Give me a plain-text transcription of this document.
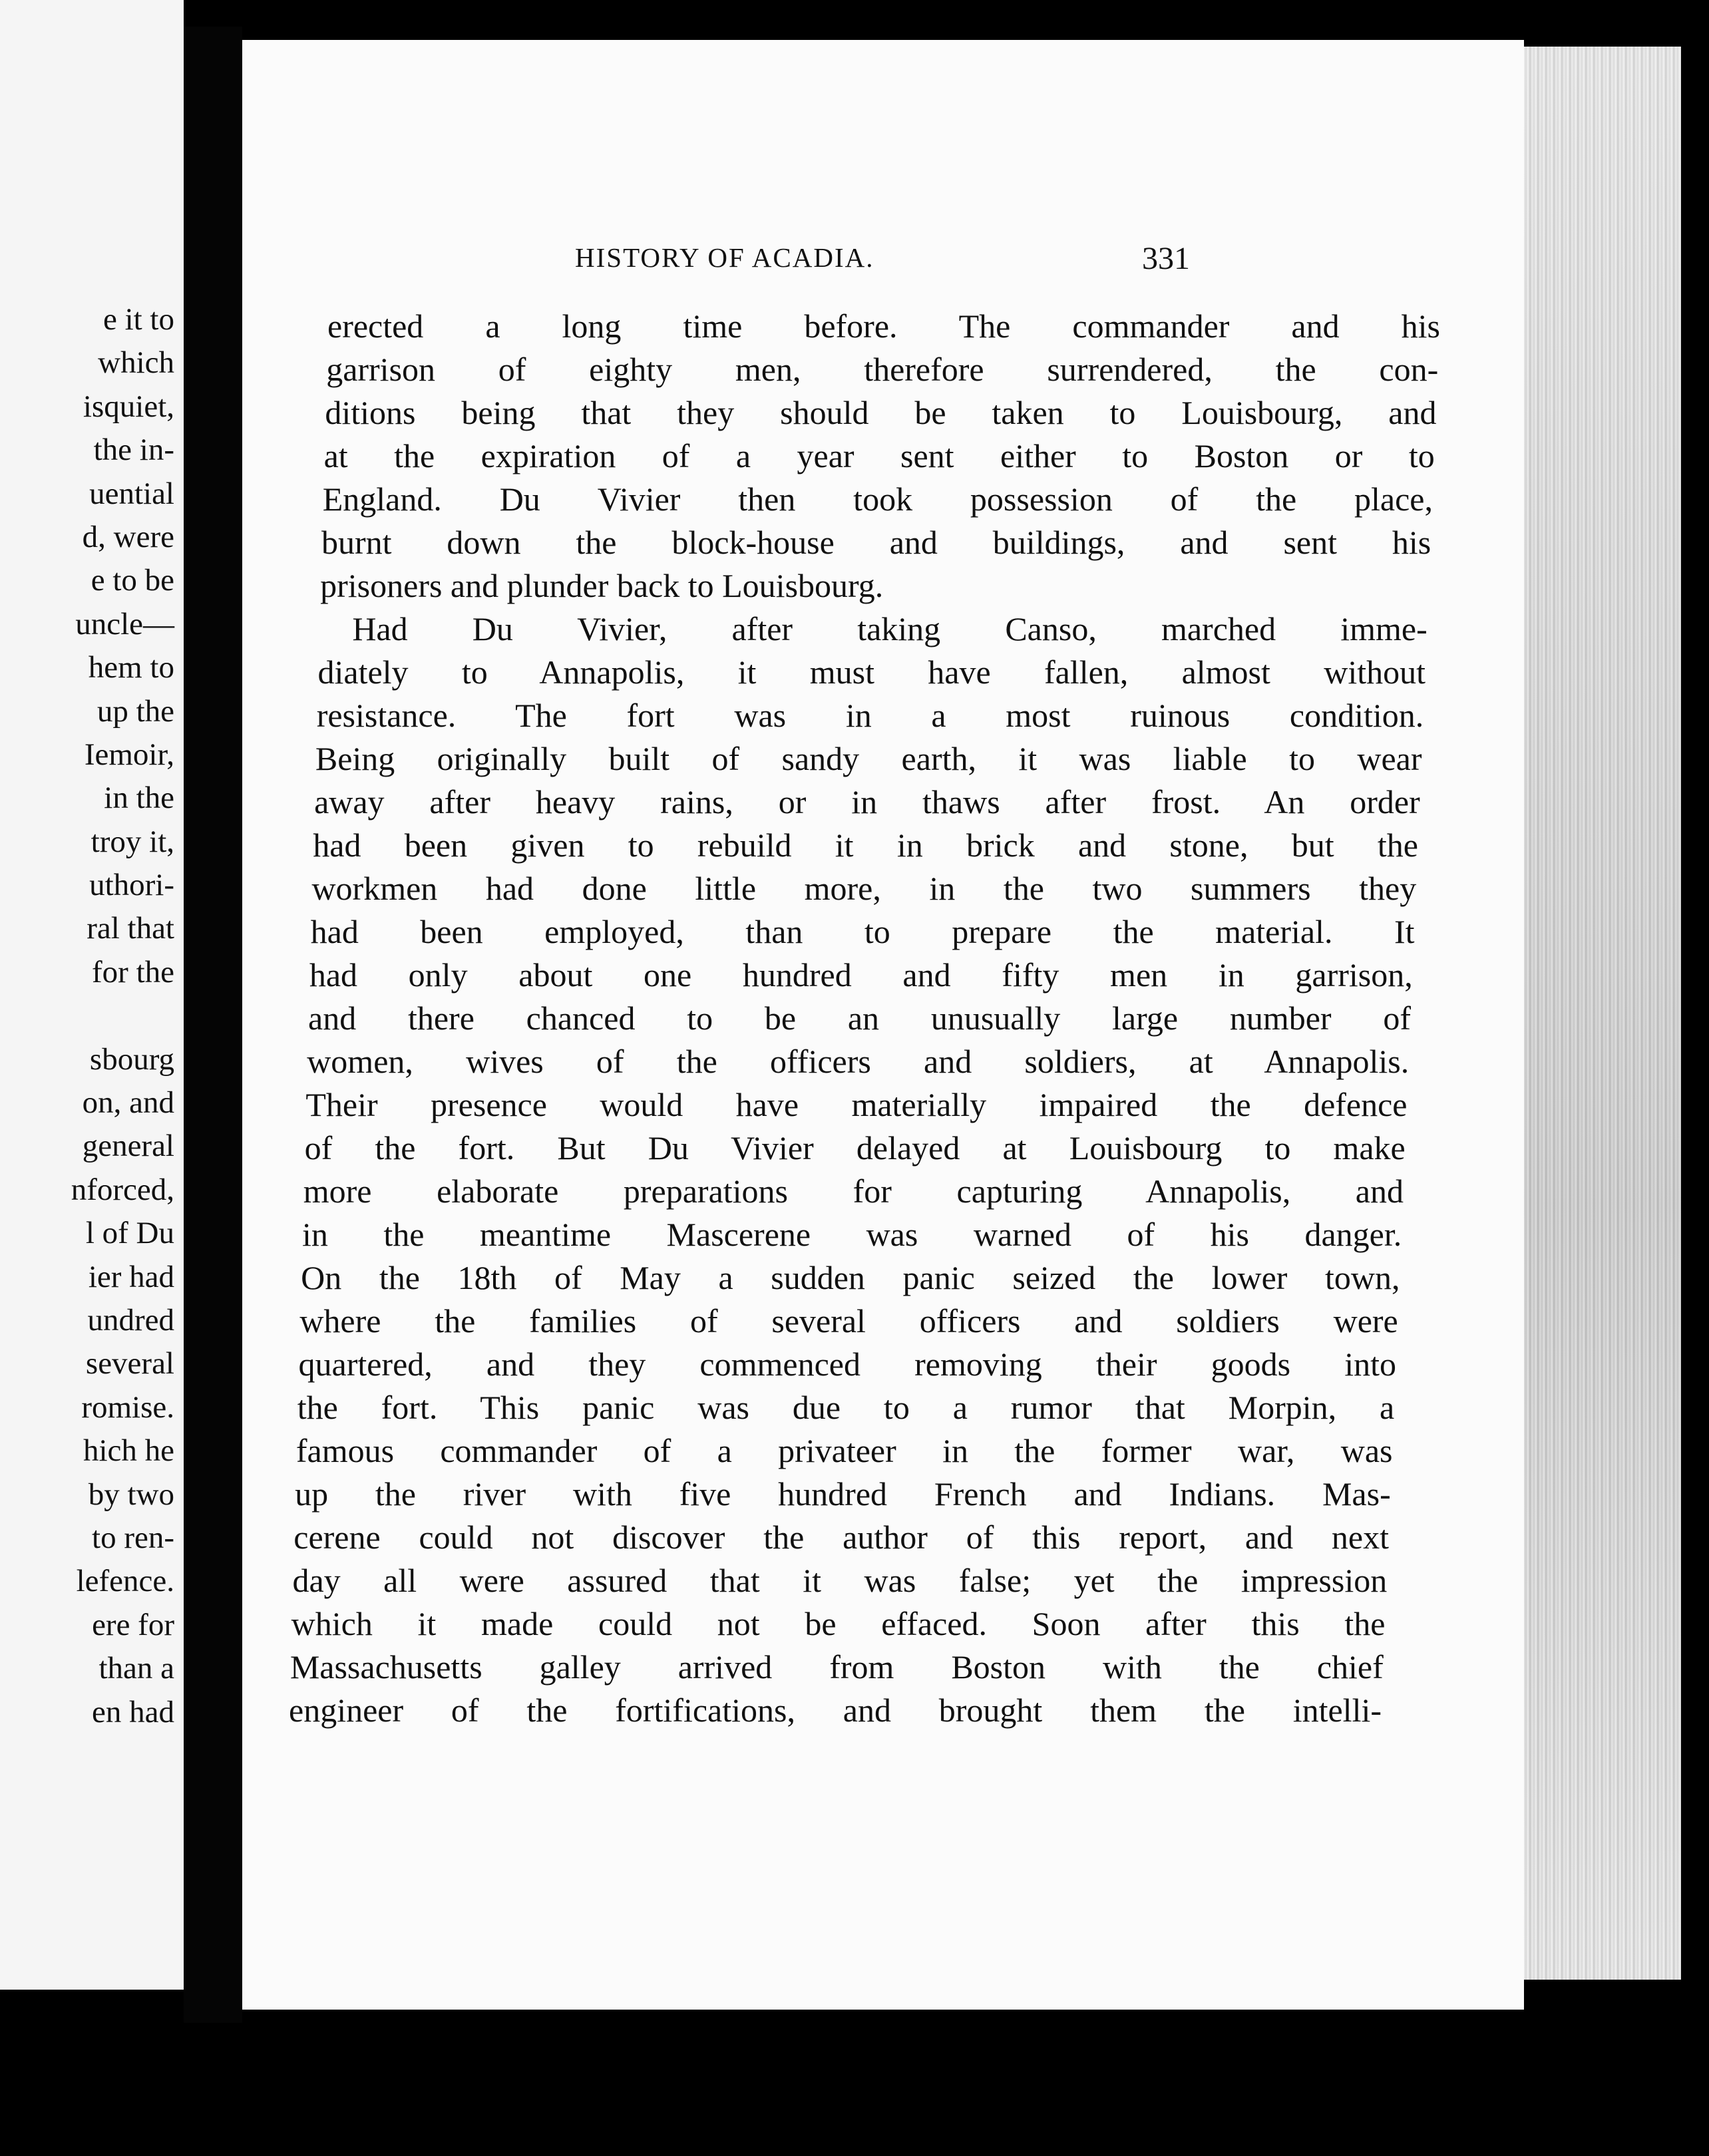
e it to
which
isquiet,
the in-
uential
d, were
e to be
uncle—
hem to
up the
Iemoir,
in the
troy it,
uthori-
ral that
for the
sbourg
on, and
general
nforced,
l of Du
ier had
undred
several
romise.
hich he
by two
to ren-
lefence.
ere for
than a
en had
HISTORY OF ACADIA.	331
erected a long time before. The commander and his
garrison of eighty men, therefore surrendered, the con-
ditions being that they should be taken to Louisbourg, and
at the expiration of a year sent either to Boston or to
England. Du Vivier then took possession of the place,
burnt down the block-house and buildings, and sent his
prisoners and plunder back to Louisbourg.
Had Du Vivier, after taking Canso, marched imme-
diately to Annapolis, it must have fallen, almost without
resistance. The fort was in a most ruinous condition.
Being originally built of sandy earth, it was liable to wear
away after heavy rains, or in thaws after frost. An order
had been given to rebuild it in brick and stone, but the
workmen had done little more, in the two summers they
had been employed, than to prepare the material. It
had only about one hundred and fifty men in garrison,
and there chanced to be an unusually large number of
women, wives of the officers and soldiers, at Annapolis.
Their presence would have materially impaired the defence
of the fort. But Du Vivier delayed at Louisbourg to make
more elaborate preparations for capturing Annapolis, and
in the meantime Mascerene was warned of his danger.
On the 18th of May a sudden panic seized the lower town,
where the families of several officers and soldiers were
quartered, and they commenced removing their goods into
the fort. This panic was due to a rumor that Morpin, a
famous commander of a privateer in the former war, was
up the river with five hundred French and Indians. Mas-
cerene could not discover the author of this report, and next
day all were assured that it was false; yet the impression
which it made could not be effaced. Soon after this the
Massachusetts galley arrived from Boston with the chief
engineer of the fortifications, and brought them the intelli-
